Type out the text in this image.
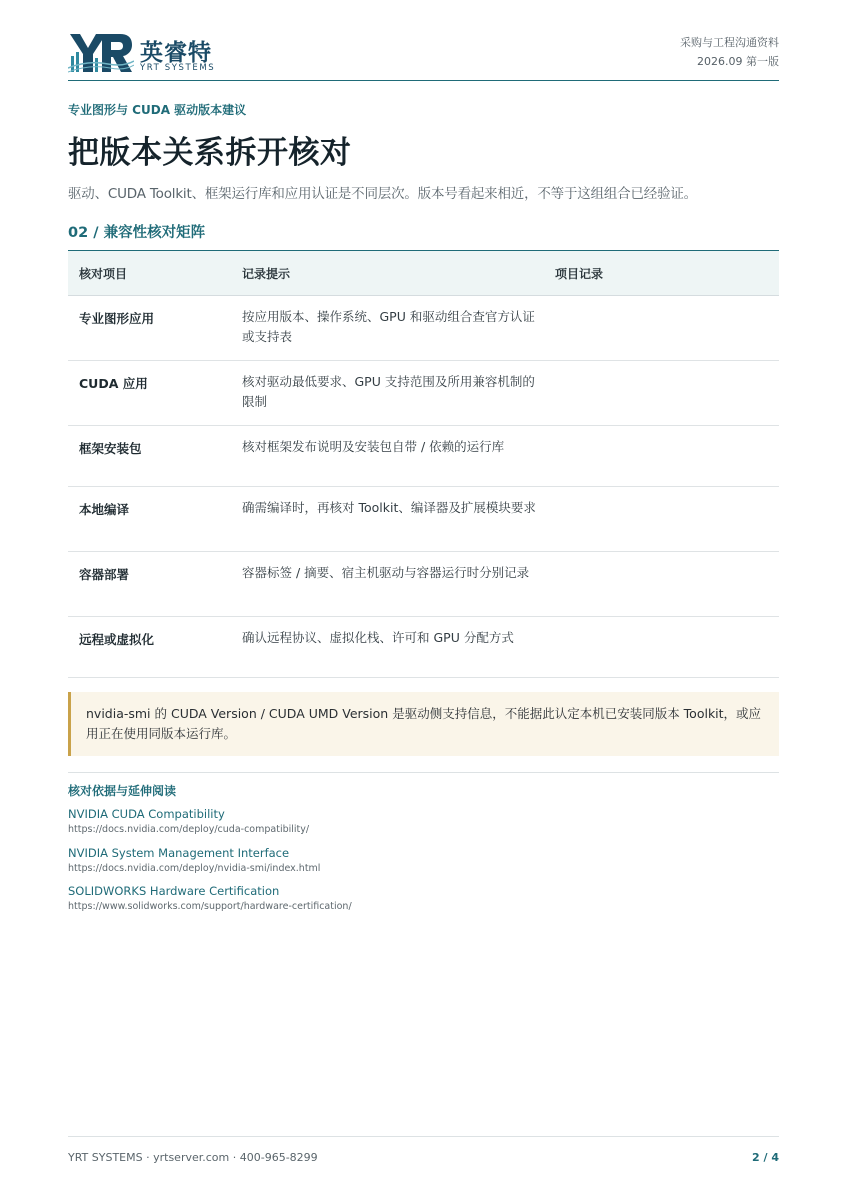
英睿特
YRT SYSTEMS
采购与工程沟通资料
2026.09 第一版
专业图形与 CUDA 驱动版本建议
把版本关系拆开核对
驱动、CUDA Toolkit、框架运行库和应用认证是不同层次。版本号看起来相近，不等于这组组合已经验证。
02 / 兼容性核对矩阵
核对项目	记录提示	项目记录
专业图形应用	按应用版本、操作系统、GPU 和驱动组合查官方认证或支持表
CUDA 应用	核对驱动最低要求、GPU 支持范围及所用兼容机制的限制
框架安装包	核对框架发布说明及安装包自带 / 依赖的运行库
本地编译	确需编译时，再核对 Toolkit、编译器及扩展模块要求
容器部署	容器标签 / 摘要、宿主机驱动与容器运行时分别记录
远程或虚拟化	确认远程协议、虚拟化栈、许可和 GPU 分配方式
nvidia-smi 的 CUDA Version / CUDA UMD Version 是驱动侧支持信息，不能据此认定本机已安装同版本 Toolkit，或应用正在使用同版本运行库。
核对依据与延伸阅读
NVIDIA CUDA Compatibility
https://docs.nvidia.com/deploy/cuda-compatibility/
NVIDIA System Management Interface
https://docs.nvidia.com/deploy/nvidia-smi/index.html
SOLIDWORKS Hardware Certification
https://www.solidworks.com/support/hardware-certification/
YRT SYSTEMS · yrtserver.com · 400-965-8299	2 / 4
